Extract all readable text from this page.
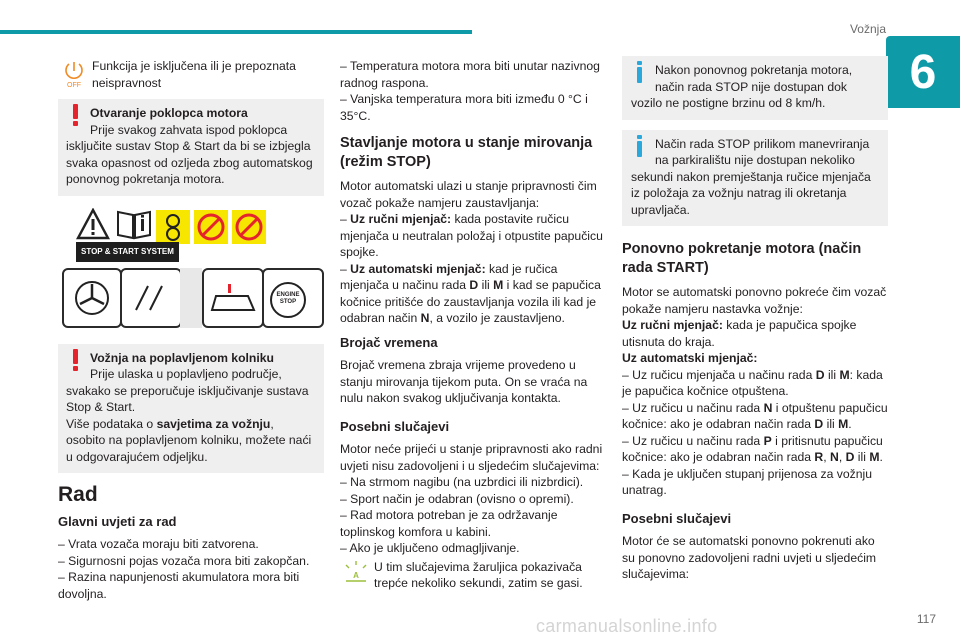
Vožnja
6
OFF

Funkcija je isključena ili je prepoznata neispravnost

Otvaranje poklopca motora

Prije svakog zahvata ispod poklopca

isključite sustav Stop & Start da bi se izbjegla svaka opasnost od ozljeda zbog automatskog ponovnog pokretanja motora.

STOP & START SYSTEM
ENGINE STOP

Vožnja na poplavljenom kolniku

Prije ulaska u poplavljeno područje,

svakako se preporučuje isključivanje sustava Stop & Start.

Više podataka o savjetima za vožnju, osobito na poplavljenom kolniku, možete naći u odgovarajućem odjeljku.

Rad
Glavni uvjeti za rad

– Vrata vozača moraju biti zatvorena.

– Sigurnosni pojas vozača mora biti zakopčan.

– Razina napunjenosti akumulatora mora biti dovoljna.

– Temperatura motora mora biti unutar nazivnog radnog raspona.

– Vanjska temperatura mora biti između 0 °C i 35°C.

Stavljanje motora u stanje mirovanja (režim STOP)

Motor automatski ulazi u stanje pripravnosti čim vozač pokaže namjeru zaustavljanja:

– Uz ručni mjenjač: kada postavite ručicu mjenjača u neutralan položaj i otpustite papučicu spojke.

– Uz automatski mjenjač: kad je ručica mjenjača u načinu rada D ili M i kad se papučica kočnice pritišće do zaustavljanja vozila ili kad je odabran način N, a vozilo je zaustavljeno.

Brojač vremena

Brojač vremena zbraja vrijeme provedeno u stanju mirovanja tijekom puta. On se vraća na nulu nakon svakog uključivanja kontakta.

Posebni slučajevi

Motor neće prijeći u stanje pripravnosti ako radni uvjeti nisu zadovoljeni i u sljedećim slučajevima:

– Na strmom nagibu (na uzbrdici ili nizbrdici).

– Sport način je odabran (ovisno o opremi).

– Rad motora potreban je za održavanje toplinskog komfora u kabini.

– Ako je uključeno odmagljivanje.

A

U tim slučajevima žaruljica pokazivača trepće nekoliko sekundi, zatim se gasi.

Nakon ponovnog pokretanja motora,

način rada STOP nije dostupan dok

vozilo ne postigne brzinu od 8 km/h.

Način rada STOP prilikom manevriranja

na parkiralištu nije dostupan nekoliko

sekundi nakon premještanja ručice mjenjača iz položaja za vožnju natrag ili okretanja upravljača.

Ponovno pokretanje motora (način rada START)

Motor se automatski ponovno pokreće čim vozač pokaže namjeru nastavka vožnje:

Uz ručni mjenjač: kada je papučica spojke utisnuta do kraja.

Uz automatski mjenjač:

– Uz ručicu mjenjača u načinu rada D ili M: kada je papučica kočnice otpuštena.

– Uz ručicu u načinu rada N i otpuštenu papučicu kočnice: ako je odabran način rada D ili M.

– Uz ručicu u načinu rada P i pritisnutu papučicu kočnice: ako je odabran način rada R, N, D ili M.

– Kada je uključen stupanj prijenosa za vožnju unatrag.

Posebni slučajevi

Motor će se automatski ponovno pokrenuti ako su ponovno zadovoljeni radni uvjeti u sljedećim slučajevima:

117
carmanualsonline.info
